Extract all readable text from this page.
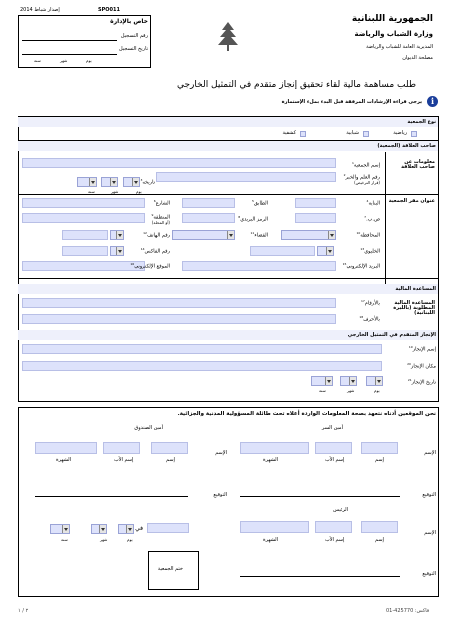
SPO011
إصدار شباط 2014
خاص بالإدارة
رقم التسجيل
تاريخ التسجيل
يوم
شهر
سنة
الجمهورية اللبنانية
وزارة الشباب والرياضة
المديرية العامة للشباب والرياضة
مصلحة الديوان
طلب مساهمة مالية لقاء تحقيق إنجاز متقدم في التمثيل الخارجي
i
يرجى قراءة الإرشادات المرفقة قبل البدء بملء الإستمارة
نوع الجمعية
رياضية
شبابية
كشفية
صاحب العلاقة (الجمعية)
معلومات عن صاحب العلاقة
إسم الجمعية$^1$
رقم العلم والخبر$^2$
(قرار الترخيص)
تاريخه$^3$
يوم
شهر
سنة
عنوان مقر الجمعية
البناية$^4$
الطابق$^5$
الشارع$^6$
ص.ب.$^7$
الرمز البريدي$^8$
المنطقة$^9$
(أو المحلة)
المحافظة$^{10}$
القضاء$^{11}$
رقم الهاتف$^{12}$
الخليوي$^{13}$
رقم الفاكس$^{14}$
البريد الإلكتروني$^{15}$
الموقع الإلكتروني$^{16}$
المساعدة المالية
المساعدة المالية المطلوبة (بالليرة اللبنانية)
بالأرقام$^{17}$
بالأحرف$^{18}$
الإنجاز المتقدم في التمثيل الخارجي
إسم الإنجاز$^{19}$
مكان الإنجاز$^{20}$
تاريخ الإنجاز$^{21}$
يوم
شهر
سنة
نحن الموقعين أدناه نتعهد بصحة المعلومات الواردة أعلاه تحت طائلة المسؤولية المدنية والجزائية.
أمين السر
أمين الصندوق
الإسم
إسم
إسم الأب
الشهرة
الإسم
إسم
إسم الأب
الشهرة
التوقيع
التوقيع
الرئيس
الإسم
إسم
إسم الأب
الشهرة
في
يوم
شهر
سنة
ختم الجمعية
التوقيع
٢ / ١	01-425770 :فاكس
